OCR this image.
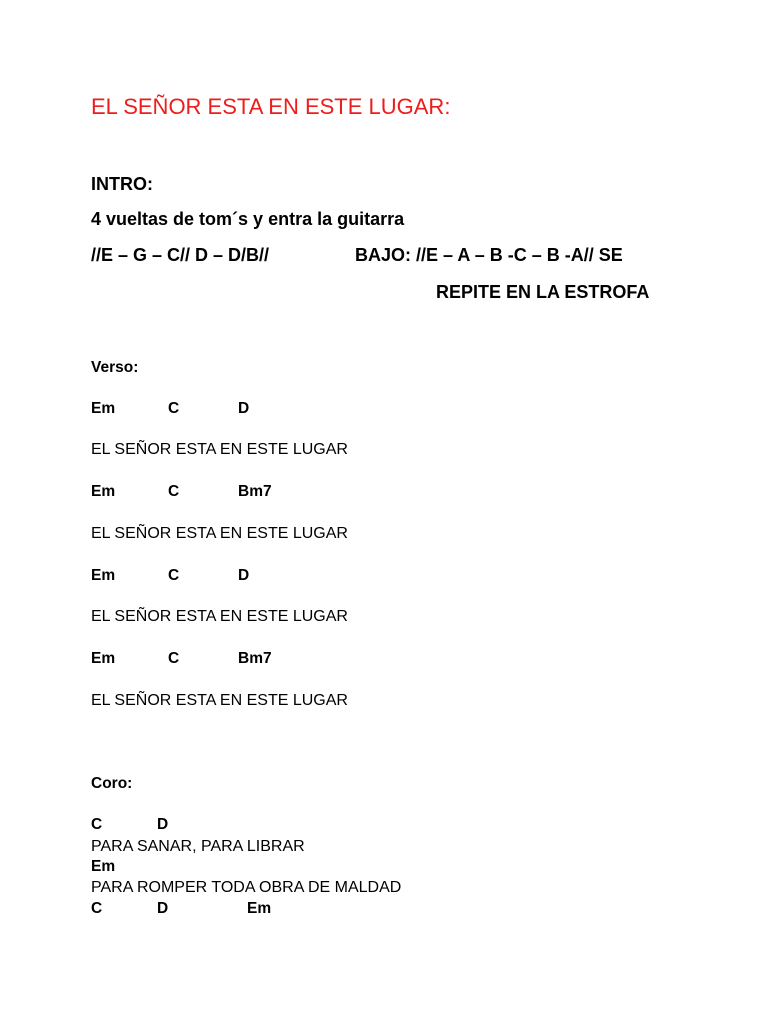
EL SEÑOR ESTA EN ESTE LUGAR:
INTRO:
4 vueltas de tom´s y entra la guitarra
//E – G – C// D – D/B//	BAJO: //E – A – B -C – B -A// SE
REPITE EN LA ESTROFA
Verso:
Em	C	D
EL SEÑOR ESTA EN ESTE LUGAR
Em	C	Bm7
EL SEÑOR ESTA EN ESTE LUGAR
Em	C	D
EL SEÑOR ESTA EN ESTE LUGAR
Em	C	Bm7
EL SEÑOR ESTA EN ESTE LUGAR
Coro:
C	D
PARA SANAR, PARA LIBRAR
Em
PARA ROMPER TODA OBRA DE MALDAD
C	D	Em
